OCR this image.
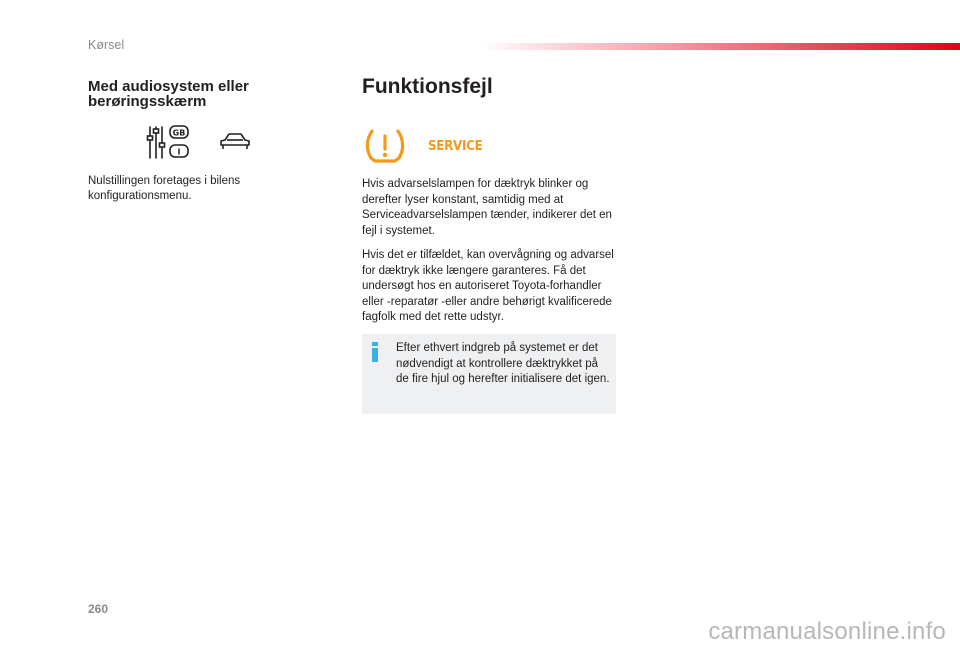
Kørsel
Med audiosystem eller berøringsskærm
GB
I

Nulstillingen foretages i bilens konfigurationsmenu.

Funktionsfejl
SERVICE

Hvis advarselslampen for dæktryk blinker og derefter lyser konstant, samtidig med at Serviceadvarselslampen tænder, indikerer det en fejl i systemet.

Hvis det er tilfældet, kan overvågning og advarsel for dæktryk ikke længere garanteres. Få det undersøgt hos en autoriseret Toyota-forhandler eller -reparatør -eller andre behørigt kvalificerede fagfolk med det rette udstyr.

Efter ethvert indgreb på systemet er det nødvendigt at kontrollere dæktrykket på de fire hjul og herefter initialisere det igen.

260
carmanualsonline.info
